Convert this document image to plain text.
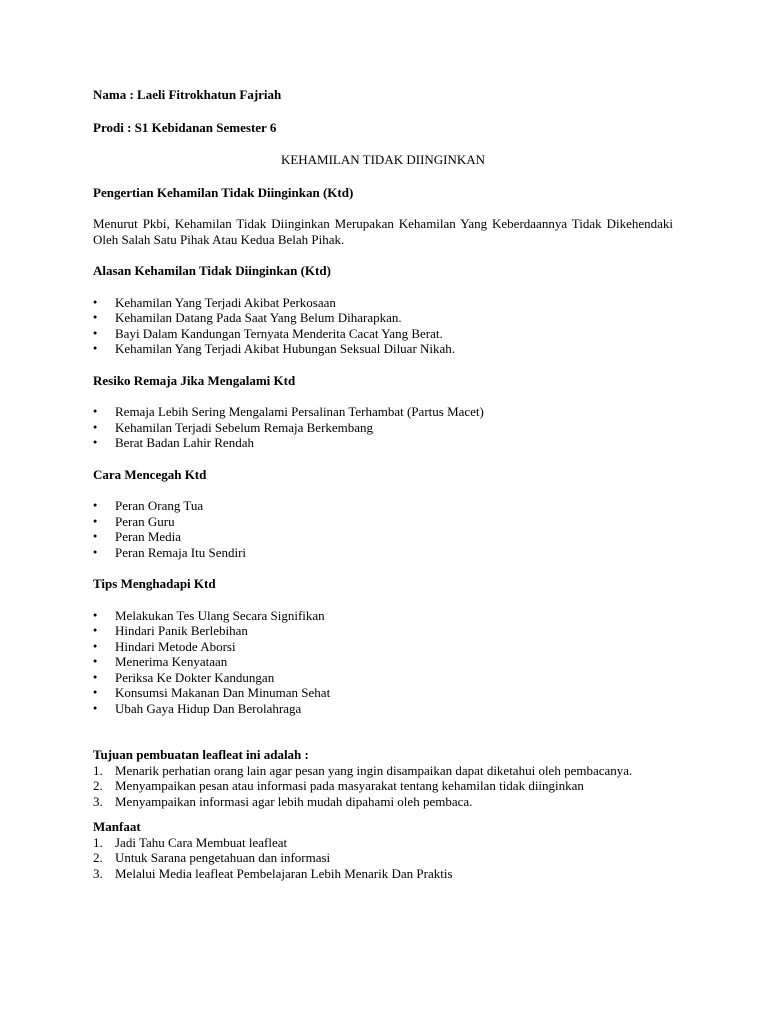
Nama : Laeli Fitrokhatun Fajriah

Prodi : S1 Kebidanan Semester 6

KEHAMILAN TIDAK DIINGINKAN

Pengertian Kehamilan Tidak Diinginkan (Ktd)

Menurut Pkbi, Kehamilan Tidak Diinginkan Merupakan Kehamilan Yang Keberdaannya Tidak Dikehendaki Oleh Salah Satu Pihak Atau Kedua Belah Pihak.

Alasan Kehamilan Tidak Diinginkan (Ktd)

● Kehamilan Yang Terjadi Akibat Perkosaan
● Kehamilan Datang Pada Saat Yang Belum Diharapkan.
● Bayi Dalam Kandungan Ternyata Menderita Cacat Yang Berat.
● Kehamilan Yang Terjadi Akibat Hubungan Seksual Diluar Nikah.

Resiko Remaja Jika Mengalami Ktd

● Remaja Lebih Sering Mengalami Persalinan Terhambat (Partus Macet)
● Kehamilan Terjadi Sebelum Remaja Berkembang
● Berat Badan Lahir Rendah

Cara Mencegah Ktd

● Peran Orang Tua
● Peran Guru
● Peran Media
● Peran Remaja Itu Sendiri

Tips Menghadapi Ktd

● Melakukan Tes Ulang Secara Signifikan
● Hindari Panik Berlebihan
● Hindari Metode Aborsi
● Menerima Kenyataan
● Periksa Ke Dokter Kandungan
● Konsumsi Makanan Dan Minuman Sehat
● Ubah Gaya Hidup Dan Berolahraga

Tujuan pembuatan leafleat ini adalah :

1. Menarik perhatian orang lain agar pesan yang ingin disampaikan dapat diketahui oleh pembacanya.
2. Menyampaikan pesan atau informasi pada masyarakat tentang kehamilan tidak diinginkan
3. Menyampaikan informasi agar lebih mudah dipahami oleh pembaca.

Manfaat

1. Jadi Tahu Cara Membuat leafleat
2. Untuk Sarana pengetahuan dan informasi
3. Melalui Media leafleat Pembelajaran Lebih Menarik Dan Praktis
